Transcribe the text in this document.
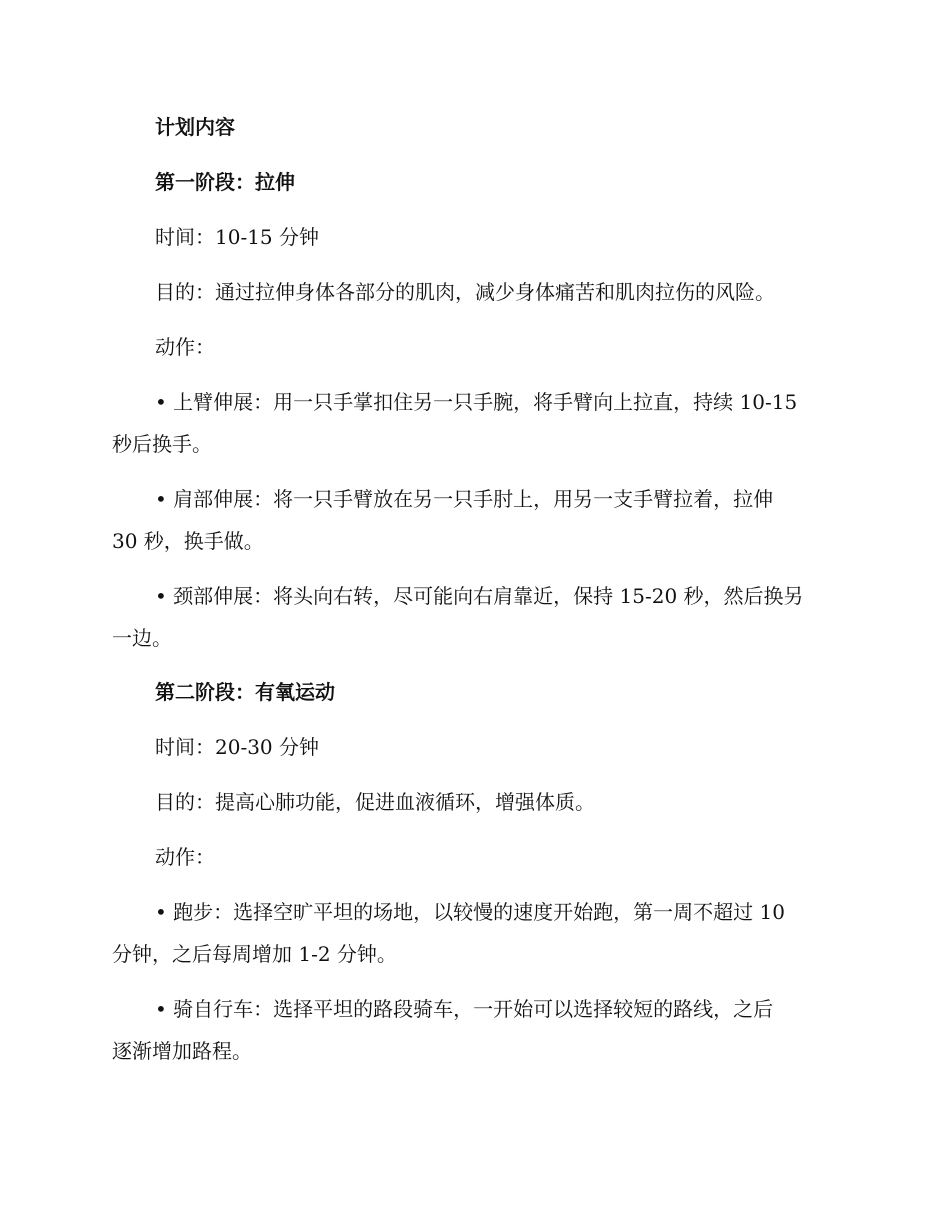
计划内容
第一阶段：拉伸
时间：10-15 分钟
目的：通过拉伸身体各部分的肌肉，减少身体痛苦和肌肉拉伤的风险。
动作：
• 上臂伸展：用一只手掌扣住另一只手腕，将手臂向上拉直，持续 10-15
秒后换手。
• 肩部伸展：将一只手臂放在另一只手肘上，用另一支手臂拉着，拉伸
30 秒，换手做。
• 颈部伸展：将头向右转，尽可能向右肩靠近，保持 15-20 秒，然后换另
一边。
第二阶段：有氧运动
时间：20-30 分钟
目的：提高心肺功能，促进血液循环，增强体质。
动作：
• 跑步：选择空旷平坦的场地，以较慢的速度开始跑，第一周不超过 10
分钟，之后每周增加 1-2 分钟。
• 骑自行车：选择平坦的路段骑车，一开始可以选择较短的路线，之后
逐渐增加路程。
